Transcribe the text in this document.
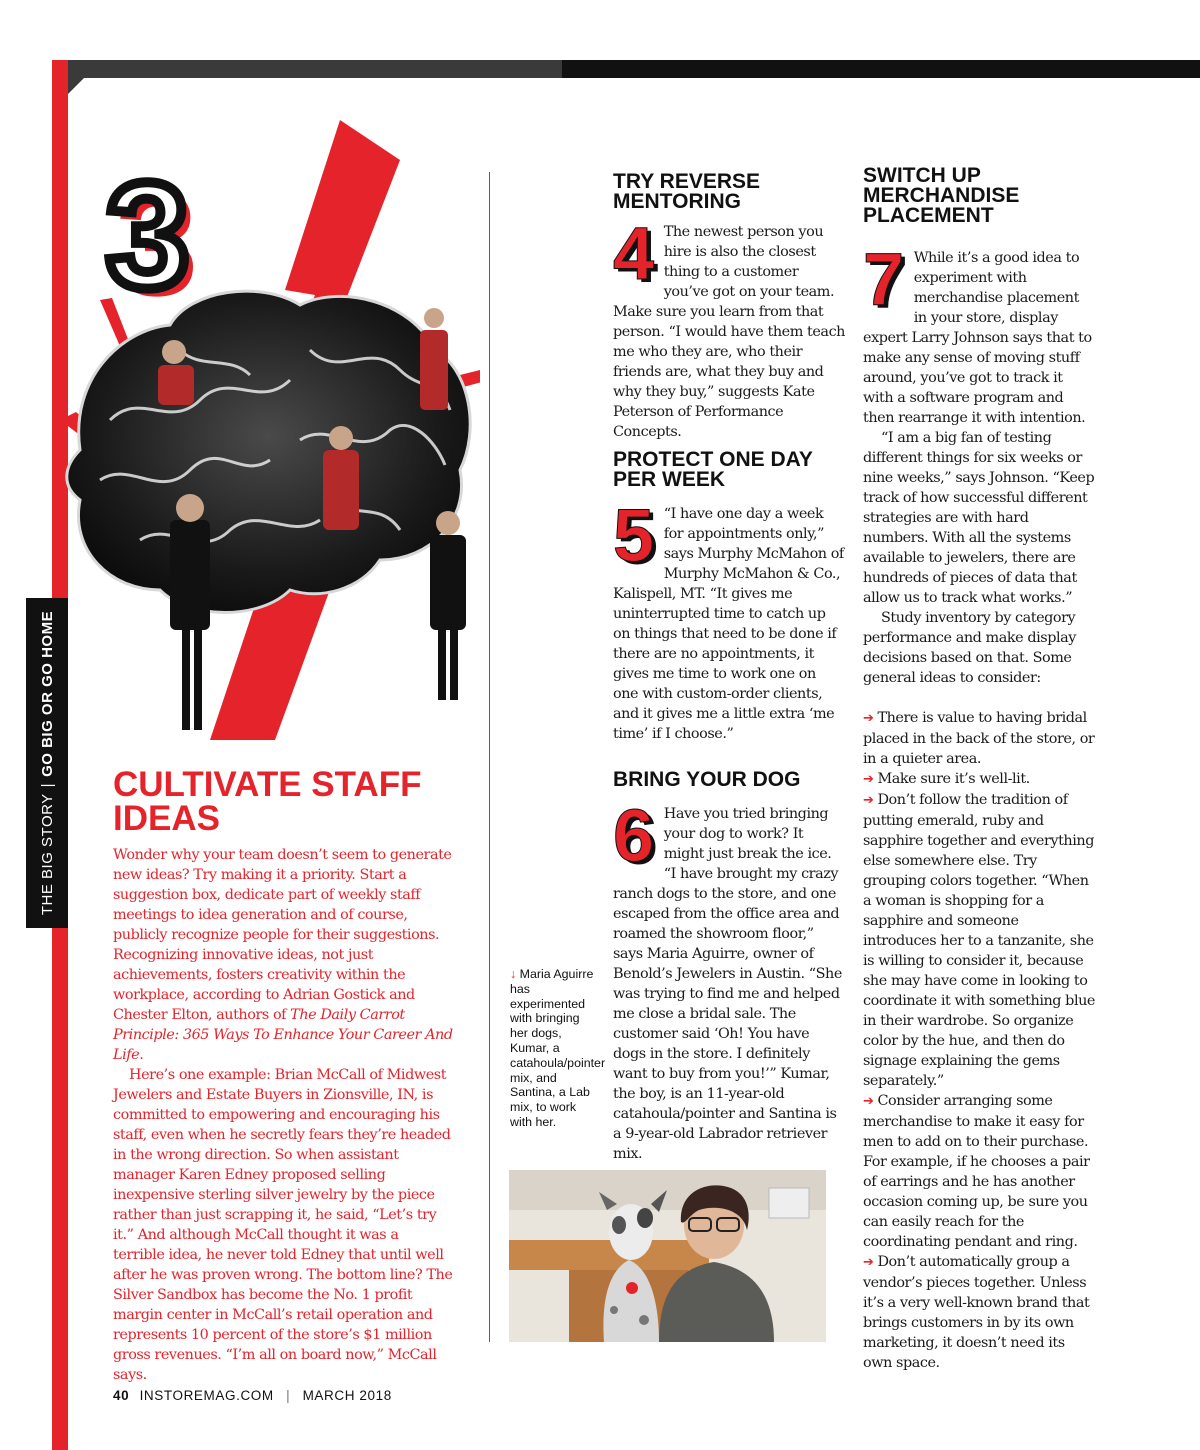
THE BIG STORY
|
GO BIG OR GO HOME
3
CULTIVATE STAFF IDEAS

Wonder why your team doesn’t seem to generate new ideas? Try making it a priority. Start a suggestion box, dedicate part of weekly staff meetings to idea generation and of course, publicly recognize people for their suggestions. Recognizing innovative ideas, not just achievements, fosters creativity within the workplace, according to Adrian Gostick and Chester Elton, authors of The Daily Carrot Principle: 365 Ways To Enhance Your Career And Life.

Here’s one example: Brian McCall of Midwest Jewelers and Estate Buyers in Zionsville, IN, is committed to empowering and encouraging his staff, even when he secretly fears they’re headed in the wrong direction. So when assistant manager Karen Edney proposed selling inexpensive sterling silver jewelry by the piece rather than just scrapping it, he said, “Let’s try it.” And although McCall thought it was a terrible idea, he never told Edney that until well after he was proven wrong. The bottom line? The Silver Sandbox has become the No. 1 profit margin center in McCall’s retail operation and represents 10 percent of the store’s $1 million gross revenues. “I’m all on board now,” McCall says.

↓ Maria Aguirre has experimented with bringing her dogs, Kumar, a catahoula/pointer mix, and Santina, a Lab mix, to work with her.
TRY REVERSE MENTORING
4 The newest person you hire is also the closest thing to a customer you’ve got on your team. Make sure you learn from that person. “I would have them teach me who they are, who their friends are, what they buy and why they buy,” suggests Kate Peterson of Performance Concepts.
PROTECT ONE DAY PER WEEK
5 “I have one day a week for appointments only,” says Murphy McMahon of Murphy McMahon & Co., Kalispell, MT. “It gives me uninterrupted time to catch up on things that need to be done if there are no appointments, it gives me time to work one on one with custom-order clients, and it gives me a little extra ‘me time’ if I choose.”
BRING YOUR DOG
6 Have you tried bringing your dog to work? It might just break the ice. “I have brought my crazy ranch dogs to the store, and one escaped from the office area and roamed the showroom floor,” says Maria Aguirre, owner of Benold’s Jewelers in Austin. “She was trying to find me and helped me close a bridal sale. The customer said ‘Oh! You have dogs in the store. I definitely want to buy from you!’” Kumar, the boy, is an 11-year-old catahoula/pointer and Santina is a 9-year-old Labrador retriever mix.
SWITCH UP MERCHANDISE PLACEMENT

7 While it’s a good idea to experiment with merchandise placement in your store, display expert Larry Johnson says that to make any sense of moving stuff around, you’ve got to track it with a software program and then rearrange it with intention.

“I am a big fan of testing different things for six weeks or nine weeks,” says Johnson. “Keep track of how successful different strategies are with hard numbers. With all the systems available to jewelers, there are hundreds of pieces of data that allow us to track what works.”

Study inventory by category performance and make display decisions based on that. Some general ideas to consider:

➔ There is value to having bridal placed in the back of the store, or in a quieter area.

➔ Make sure it’s well-lit.

➔ Don’t follow the tradition of putting emerald, ruby and sapphire together and everything else somewhere else. Try grouping colors together. “When a woman is shopping for a sapphire and someone introduces her to a tanzanite, she is willing to consider it, because she may have come in looking to coordinate it with something blue in their wardrobe. So organize color by the hue, and then do signage explaining the gems separately.”

➔ Consider arranging some merchandise to make it easy for men to add on to their purchase. For example, if he chooses a pair of earrings and he has another occasion coming up, be sure you can easily reach for the coordinating pendant and ring.

➔ Don’t automatically group a vendor’s pieces together. Unless it’s a very well-known brand that brings customers in by its own marketing, it doesn’t need its own space.

40 INSTOREMAG.COM | MARCH 2018
